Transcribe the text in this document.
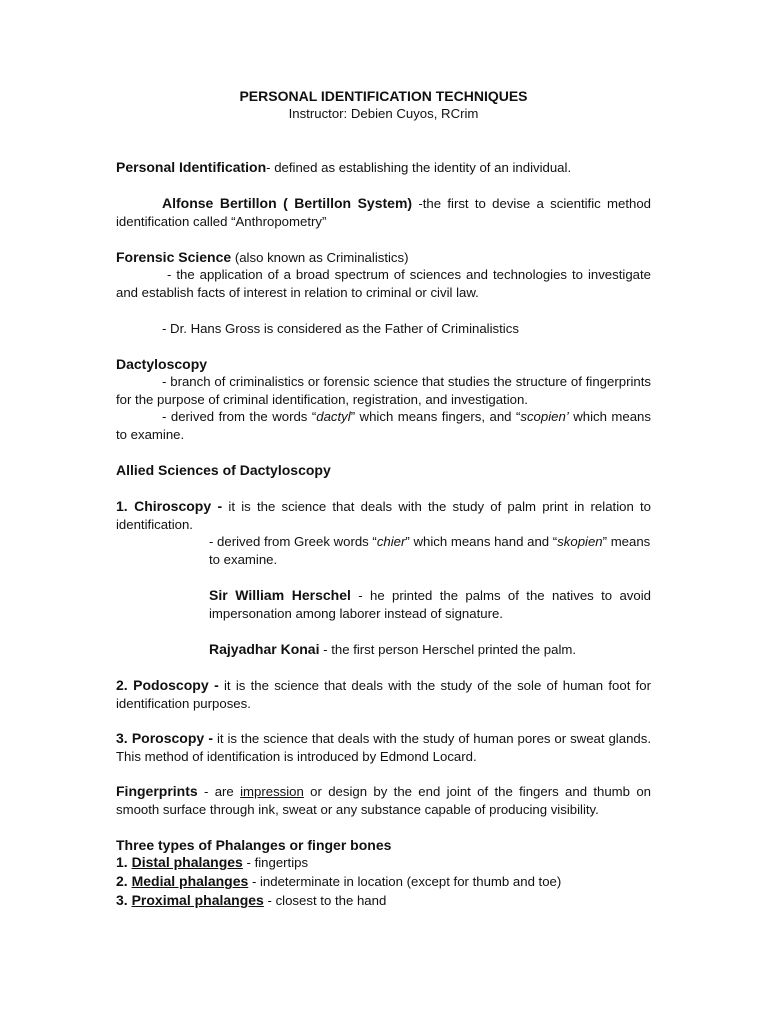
PERSONAL IDENTIFICATION TECHNIQUES
Instructor: Debien Cuyos, RCrim
Personal Identification- defined as establishing the identity of an individual.
Alfonse Bertillon ( Bertillon System) -the first to devise a scientific method identification called “Anthropometry”
Forensic Science (also known as Criminalistics)
- the application of a broad spectrum of sciences and technologies to investigate and establish facts of interest in relation to criminal or civil law.
- Dr. Hans Gross is considered as the Father of Criminalistics
Dactyloscopy
- branch of criminalistics or forensic science that studies the structure of fingerprints for the purpose of criminal identification, registration, and investigation.
- derived from the words “dactyl” which means fingers, and “scopien’ which means to examine.
Allied Sciences of Dactyloscopy
1. Chiroscopy - it is the science that deals with the study of palm print in relation to identification.
- derived from Greek words “chier” which means hand and “skopien” means to examine.
Sir William Herschel - he printed the palms of the natives to avoid impersonation among laborer instead of signature.
Rajyadhar Konai - the first person Herschel printed the palm.
2. Podoscopy - it is the science that deals with the study of the sole of human foot for identification purposes.
3. Poroscopy - it is the science that deals with the study of human pores or sweat glands. This method of identification is introduced by Edmond Locard.
Fingerprints - are impression or design by the end joint of the fingers and thumb on smooth surface through ink, sweat or any substance capable of producing visibility.
Three types of Phalanges or finger bones
1. Distal phalanges - fingertips
2. Medial phalanges - indeterminate in location (except for thumb and toe)
3. Proximal phalanges - closest to the hand
